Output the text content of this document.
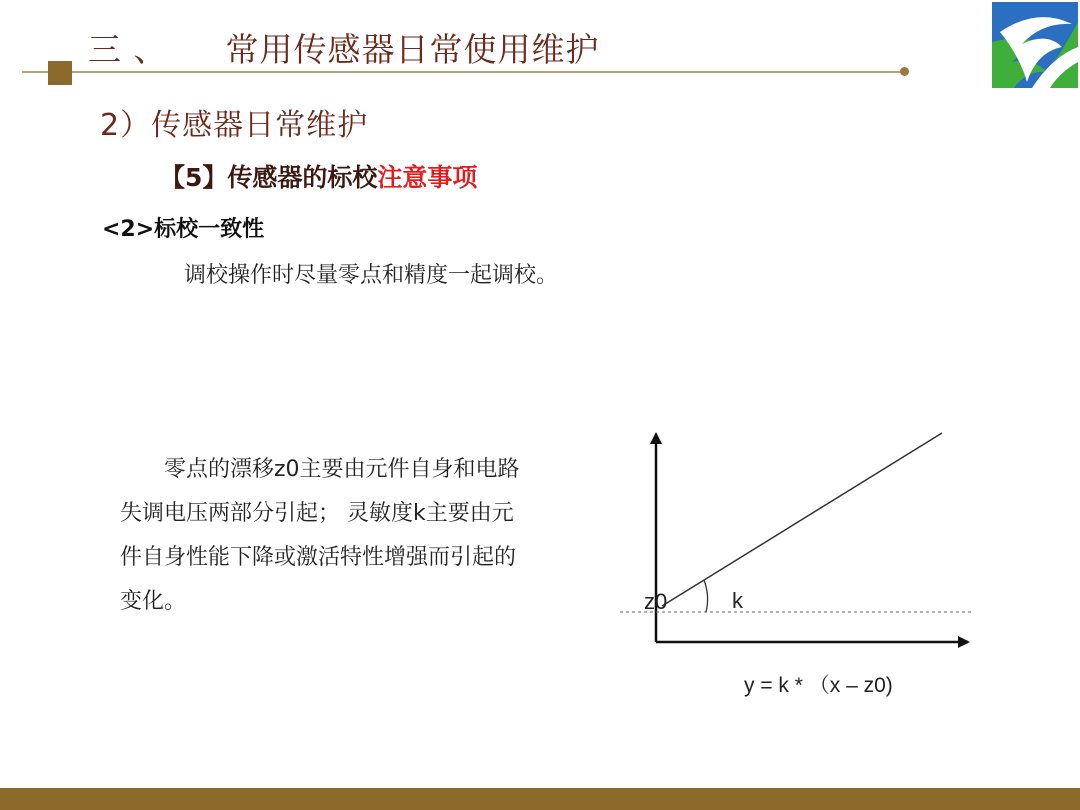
三 、 常用传感器日常使用维护
2）传感器日常维护
【5】传感器的标校注意事项
<2>标校一致性
调校操作时尽量零点和精度一起调校。
　　零点的漂移z0主要由元件自身和电路
失调电压两部分引起； 灵敏度k主要由元
件自身性能下降或激活特性增强而引起的
变化。	z0	k
y = k * （x – z0)
